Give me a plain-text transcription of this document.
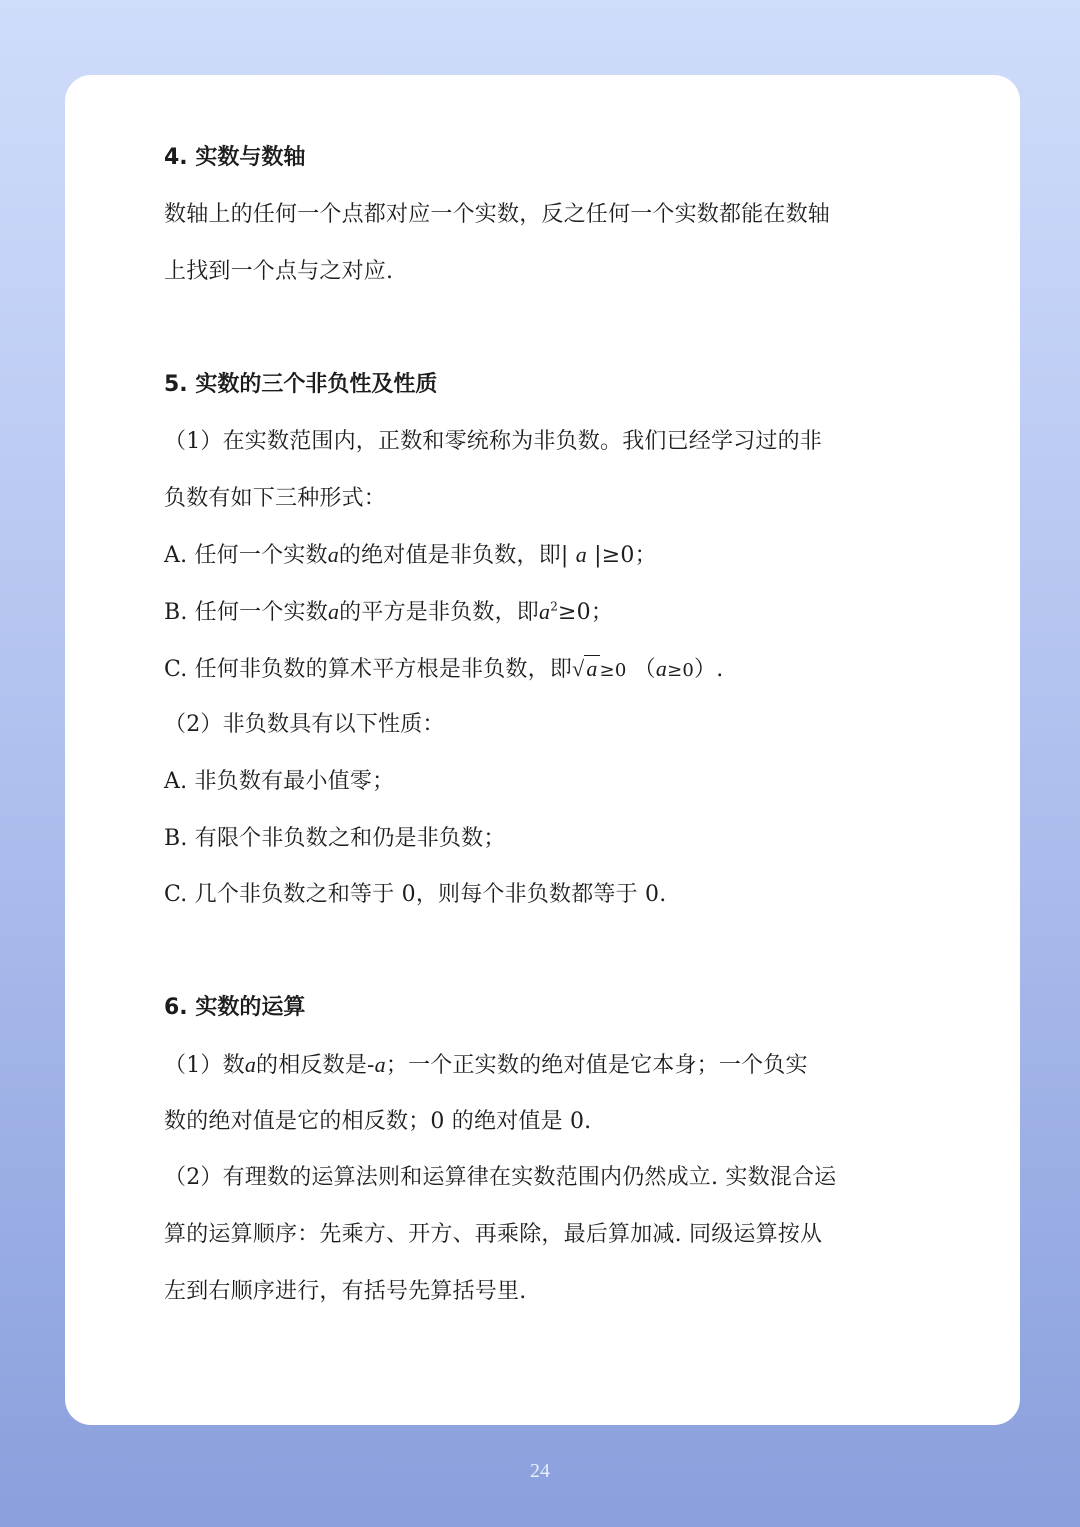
4. 实数与数轴
数轴上的任何一个点都对应一个实数，反之任何一个实数都能在数轴
上找到一个点与之对应.
5. 实数的三个非负性及性质
（1）在实数范围内，正数和零统称为非负数。我们已经学习过的非
负数有如下三种形式：
A. 任何一个实数a的绝对值是非负数，即| a |≥0；
B. 任何一个实数a的平方是非负数，即$a^2\ge 0$；
C. 任何非负数的算术平方根是非负数，即√a ≥0 （a≥0）.
（2）非负数具有以下性质：
A. 非负数有最小值零；
B. 有限个非负数之和仍是非负数；
C. 几个非负数之和等于 0，则每个非负数都等于 0.
6. 实数的运算
（1）数a的相反数是-a；一个正实数的绝对值是它本身；一个负实
数的绝对值是它的相反数；0 的绝对值是 0.
（2）有理数的运算法则和运算律在实数范围内仍然成立. 实数混合运
算的运算顺序：先乘方、开方、再乘除，最后算加减. 同级运算按从
左到右顺序进行，有括号先算括号里.
24
